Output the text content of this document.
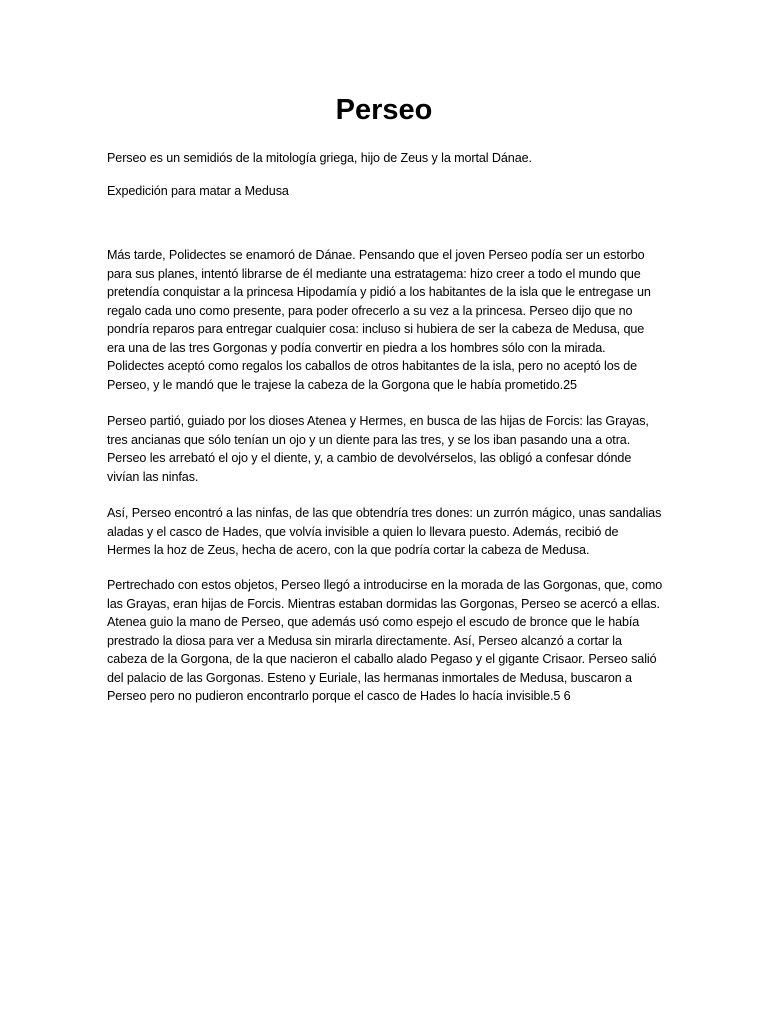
Perseo

Perseo es un semidiós de la mitología griega, hijo de Zeus y la mortal Dánae.

Expedición para matar a Medusa

Más tarde, Polidectes se enamoró de Dánae. Pensando que el joven Perseo podía ser un estorbo para sus planes, intentó librarse de él mediante una estratagema: hizo creer a todo el mundo que pretendía conquistar a la princesa Hipodamía y pidió a los habitantes de la isla que le entregase un regalo cada uno como presente, para poder ofrecerlo a su vez a la princesa. Perseo dijo que no pondría reparos para entregar cualquier cosa: incluso si hubiera de ser la cabeza de Medusa, que era una de las tres Gorgonas y podía convertir en piedra a los hombres sólo con la mirada. Polidectes aceptó como regalos los caballos de otros habitantes de la isla, pero no aceptó los de Perseo, y le mandó que le trajese la cabeza de la Gorgona que le había prometido.25

Perseo partió, guiado por los dioses Atenea y Hermes, en busca de las hijas de Forcis: las Grayas, tres ancianas que sólo tenían un ojo y un diente para las tres, y se los iban pasando una a otra. Perseo les arrebató el ojo y el diente, y, a cambio de devolvérselos, las obligó a confesar dónde vivían las ninfas.

Así, Perseo encontró a las ninfas, de las que obtendría tres dones: un zurrón mágico, unas sandalias aladas y el casco de Hades, que volvía invisible a quien lo llevara puesto. Además, recibió de Hermes la hoz de Zeus, hecha de acero, con la que podría cortar la cabeza de Medusa.

Pertrechado con estos objetos, Perseo llegó a introducirse en la morada de las Gorgonas, que, como las Grayas, eran hijas de Forcis. Mientras estaban dormidas las Gorgonas, Perseo se acercó a ellas. Atenea guio la mano de Perseo, que además usó como espejo el escudo de bronce que le había prestrado la diosa para ver a Medusa sin mirarla directamente. Así, Perseo alcanzó a cortar la cabeza de la Gorgona, de la que nacieron el caballo alado Pegaso y el gigante Crisaor. Perseo salió del palacio de las Gorgonas. Esteno y Euriale, las hermanas inmortales de Medusa, buscaron a Perseo pero no pudieron encontrarlo porque el casco de Hades lo hacía invisible.5 6
